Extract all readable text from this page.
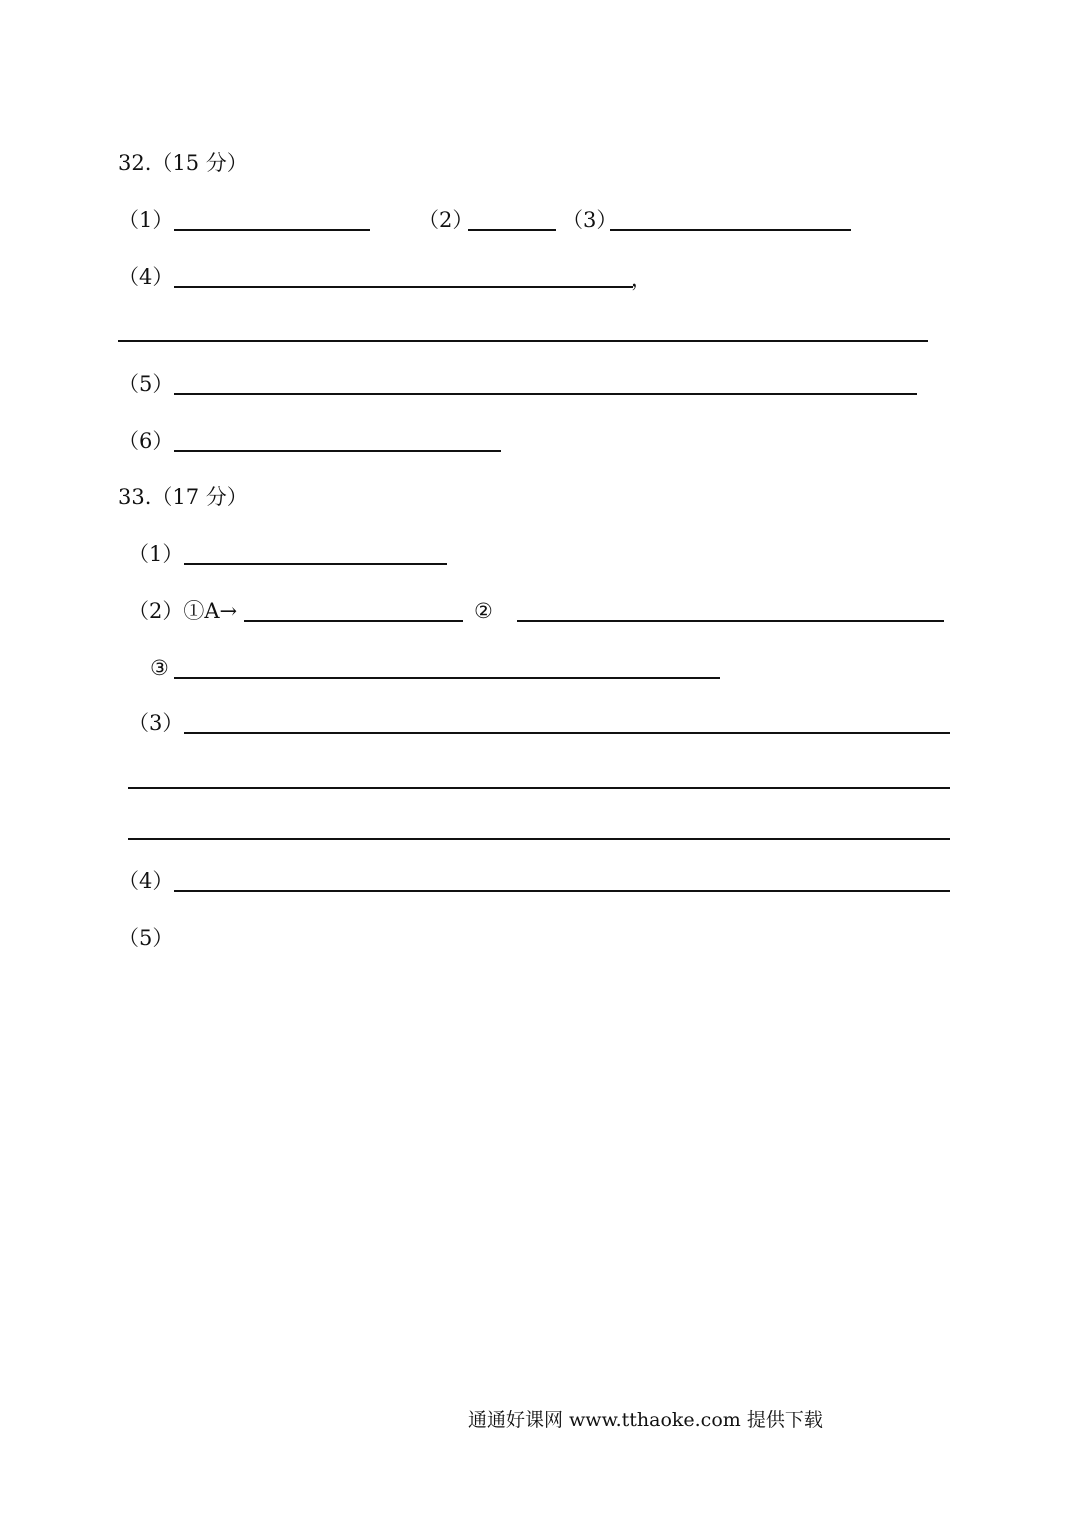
32.（15 分）
（1）	（2）	（3）
（4）	，
（5）
（6）
33.（17 分）
（1）
（2）①A→	②
③
（3）
（4）
（5）
通通好课网 www.tthaoke.com 提供下载
